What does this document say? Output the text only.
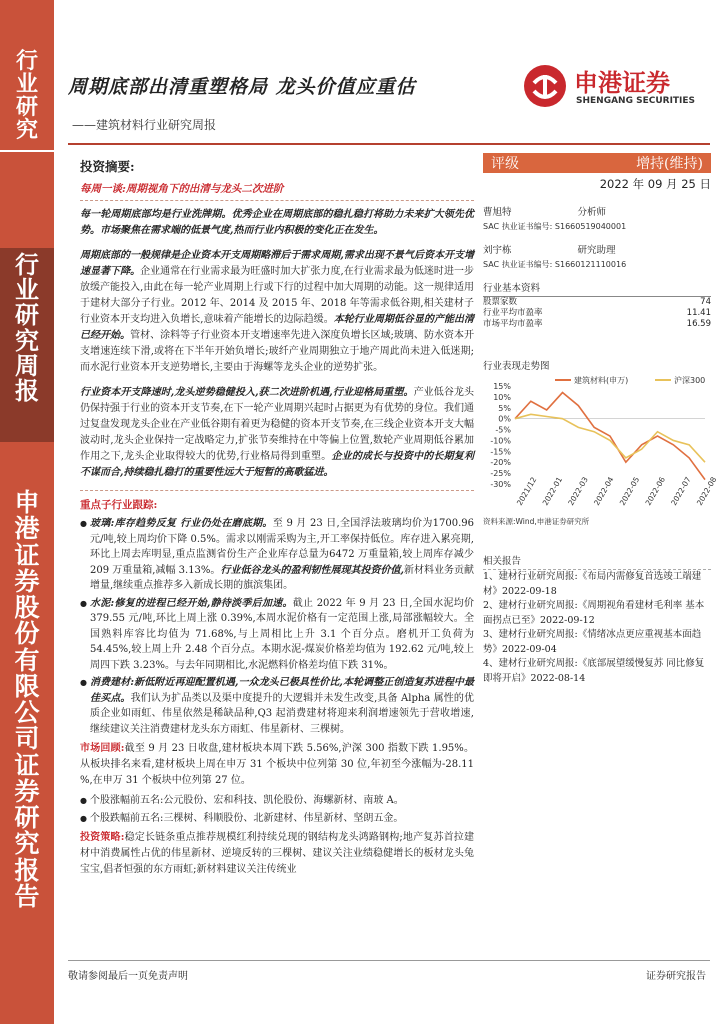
行
业
研
究
行
业
研
究
周
报
申
港
证
券
股
份
有
限
公
司
证
券
研
究
报
告
周期底部出清重塑格局 龙头价值应重估
——建筑材料行业研究周报
申港证券
SHENGANG SECURITIES
投资摘要:
每周一谈:周期视角下的出清与龙头二次进阶

每一轮周期底部均是行业洗牌期。优秀企业在周期底部的稳扎稳打将助力未来扩大领先优势。市场聚焦在需求端的低景气度,热而行业内积极的变化正在发生。

周期底部的一般规律是企业资本开支周期略滞后于需求周期,需求出现不景气后资本开支增速显著下降。企业通常在行业需求最为旺盛时加大扩张力度,在行业需求最为低迷时进一步放缓产能投入,由此在每一轮产业周期上行或下行的过程中加大周期的动能。这一规律适用于建材大部分子行业。2012 年、2014 及 2015 年、2018 年等需求低谷期,相关建材子行业资本开支均进入负增长,意味着产能增长的边际趋缓。本轮行业周期低谷显的产能出清已经开始。管材、涂料等子行业资本开支增速率先进入深度负增长区域;玻璃、防水资本开支增速连续下滑,或将在下半年开始负增长;玻纤产业周期独立于地产周此尚未进入低迷期;而水泥行业资本开支逆势增长,主要由于海螺等龙头企业的逆势扩张。

行业资本开支降速时,龙头逆势稳健投入,获二次进阶机遇,行业迎格局重塑。产业低谷龙头仍保持强于行业的资本开支节奏,在下一轮产业周期兴起时占据更为有优势的身位。我们通过复盘发现龙头企业在产业低谷期有着更为稳健的资本开支节奏,在三线企业资本开支大幅波动时,龙头企业保持一定战略定力,扩张节奏维持在中等偏上位置,数轮产业周期低谷累加作用之下,龙头企业取得较大的优势,行业格局得到重塑。企业的成长与投资中的长期复利不谋而合,持续稳扎稳打的重要性远大于短暂的高歌猛进。

重点子行业跟踪:
● 玻璃:库存趋势反复 行业仍处在磨底期。至 9 月 23 日,全国浮法玻璃均价为1700.96 元/吨,较上周均价下降 0.5%。需求以刚需采购为主,开工率保持低位。库存进入累亮期,环比上周去库明显,重点监测省份生产企业库存总量为6472 万重量箱,较上周库存减少 209 万重量箱,减幅 3.13%。行业低谷龙头的盈利韧性展现其投资价值,新材料业务贡献增量,继续重点推荐多入新成长期的旗滨集团。
● 水泥:修复的进程已经开始,静待淡季后加速。截止 2022 年 9 月 23 日,全国水泥均价 379.55 元/吨,环比上周上涨 0.39%,本周水泥价格有一定范围上涨,局部涨幅较大。全国熟料库容比均值为 71.68%,与上周相比上升 3.1 个百分点。磨机开工负荷为 54.45%,较上周上升 2.48 个百分点。本期水泥-煤炭价格差均值为 192.62 元/吨,较上周四下跌 3.23%。与去年同期相比,水泥燃料价格差均值下跌 31%。
● 消费建材:新低附近再迎配置机遇,一众龙头已极具性价比,本轮调整正创造复苏进程中最佳买点。我们认为扩品类以及渠中度提升的大逻辑并未发生改变,具备 Alpha 属性的优质企业如雨虹、伟星依然是稀缺品种,Q3 起消费建材将迎来利润增速领先于营收增速,继续建议关注消费建材龙头东方雨虹、伟星新材、三棵树。

市场回顾:截至 9 月 23 日收盘,建材板块本周下跌 5.56%,沪深 300 指数下跌 1.95%。从板块排名来看,建材板块上周在申万 31 个板块中位列第 30 位,年初至今涨幅为-28.11 %,在申万 31 个板块中位列第 27 位。

● 个股涨幅前五名:公元股份、宏和科技、凯伦股份、海螺新材、南玻 A。
● 个股跌幅前五名:三棵树、科顺股份、北新建材、伟星新材、坚朗五金。

投资策略:稳定长链条重点推荐规模红利持续兑现的钢结构龙头鸿路钢构;地产复苏首拉建材中消费属性占优的伟星新材、逆境反转的三棵树、建议关注业绩稳健增长的板材龙头兔宝宝,倡者恒强的东方雨虹;新材料建议关注传统业

评级	增持(维持)
2022 年 09 月 25 日
曹旭特	分析师
SAC 执业证书编号: S1660519040001
刘宇栋	研究助理
SAC 执业证书编号: S1660121110016
行业基本资料
股票家数	74
行业平均市盈率	11.41
市场平均市盈率	16.59
行业表现走势图
15%
10%
5%
0%
-5%
-10%
-15%
-20%
-25%
-30%
建筑材料(申万)	沪深300
2021/12 2022-01 2022-03 2022-04 2022-05 2022-06 2022-07 2022-08
资料来源:Wind,申港证券研究所
相关报告
1、建材行业研究周报:《布局内需修复首选竣工端建材》2022-09-18
2、建材行业研究周报:《周期视角看建材毛利率 基本面拐点已至》2022-09-12
3、建材行业研究周报:《情绪冰点更应重视基本面趋势》2022-09-04
4、建材行业研究周报:《底部展望缓慢复苏 同比修复即将开启》2022-08-14
敬请参阅最后一页免责声明	证券研究报告
